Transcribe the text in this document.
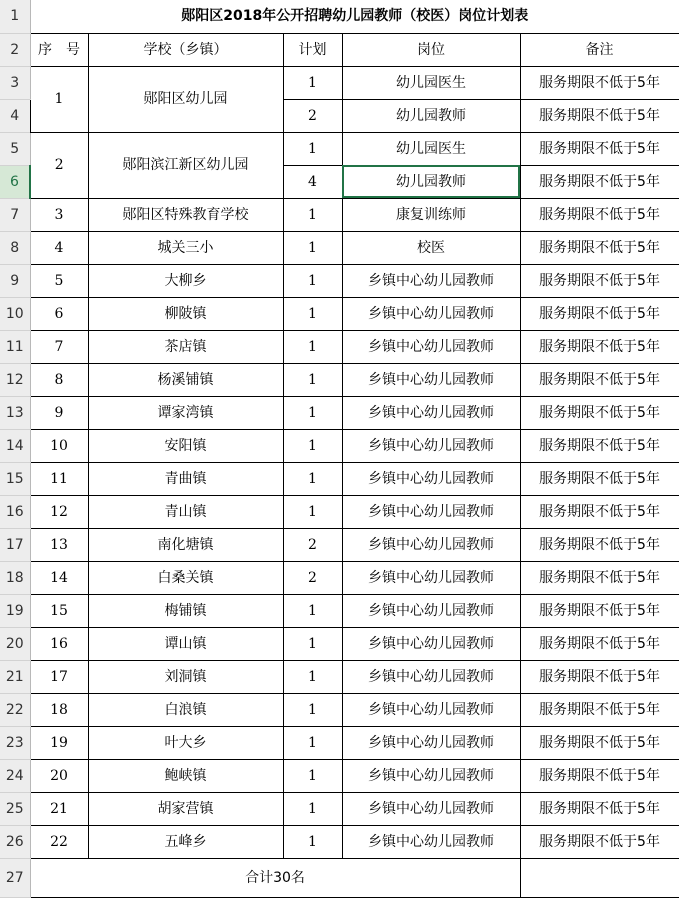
1	郧阳区2018年公开招聘幼儿园教师（校医）岗位计划表				
2	序　号	学校（乡镇）	计划	岗位	备注
3	1	郧阳区幼儿园	1	幼儿园医生	服务期限不低于5年
4			2	幼儿园教师	服务期限不低于5年
5	2	郧阳滨江新区幼儿园	1	幼儿园医生	服务期限不低于5年
6			4	幼儿园教师	服务期限不低于5年
7	3	郧阳区特殊教育学校	1	康复训练师	服务期限不低于5年
8	4	城关三小	1	校医	服务期限不低于5年
9	5	大柳乡	1	乡镇中心幼儿园教师	服务期限不低于5年
10	6	柳陂镇	1	乡镇中心幼儿园教师	服务期限不低于5年
11	7	茶店镇	1	乡镇中心幼儿园教师	服务期限不低于5年
12	8	杨溪铺镇	1	乡镇中心幼儿园教师	服务期限不低于5年
13	9	谭家湾镇	1	乡镇中心幼儿园教师	服务期限不低于5年
14	10	安阳镇	1	乡镇中心幼儿园教师	服务期限不低于5年
15	11	青曲镇	1	乡镇中心幼儿园教师	服务期限不低于5年
16	12	青山镇	1	乡镇中心幼儿园教师	服务期限不低于5年
17	13	南化塘镇	2	乡镇中心幼儿园教师	服务期限不低于5年
18	14	白桑关镇	2	乡镇中心幼儿园教师	服务期限不低于5年
19	15	梅铺镇	1	乡镇中心幼儿园教师	服务期限不低于5年
20	16	谭山镇	1	乡镇中心幼儿园教师	服务期限不低于5年
21	17	刘洞镇	1	乡镇中心幼儿园教师	服务期限不低于5年
22	18	白浪镇	1	乡镇中心幼儿园教师	服务期限不低于5年
23	19	叶大乡	1	乡镇中心幼儿园教师	服务期限不低于5年
24	20	鲍峡镇	1	乡镇中心幼儿园教师	服务期限不低于5年
25	21	胡家营镇	1	乡镇中心幼儿园教师	服务期限不低于5年
26	22	五峰乡	1	乡镇中心幼儿园教师	服务期限不低于5年
27	合计30名				
